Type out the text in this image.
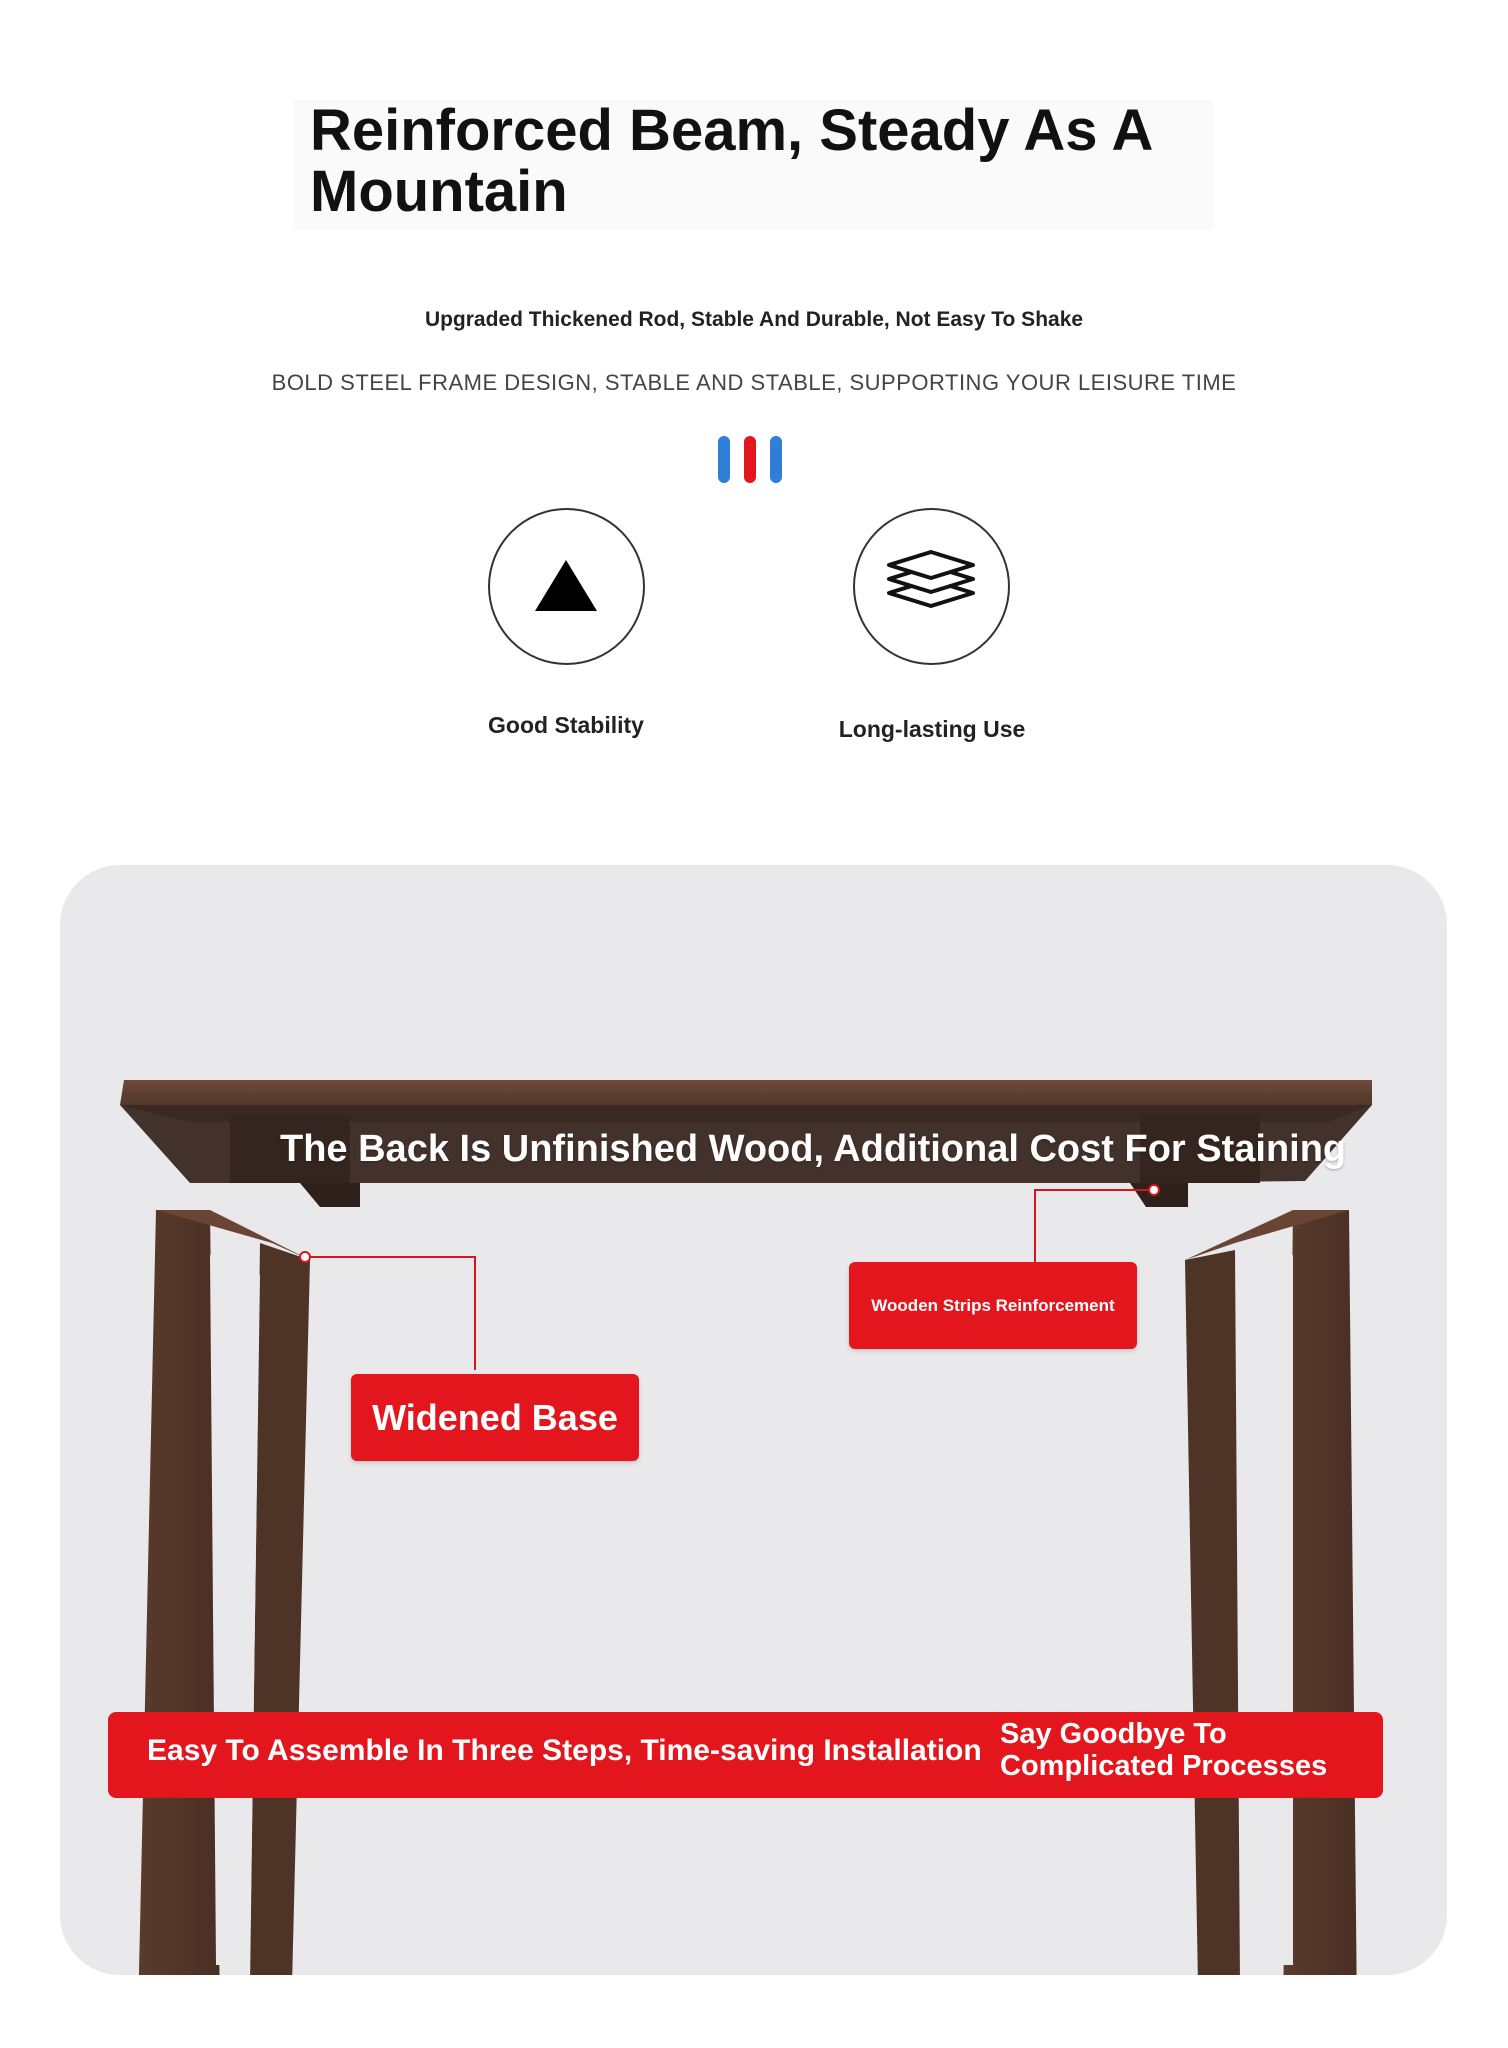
Reinforced Beam, Steady As A Mountain
Upgraded Thickened Rod, Stable And Durable, Not Easy To Shake
BOLD STEEL FRAME DESIGN, STABLE AND STABLE, SUPPORTING YOUR LEISURE TIME
Good Stability	Long-lasting Use
The Back Is Unfinished Wood, Additional Cost For Staining
Wooden Strips Reinforcement
Widened Base
Easy To Assemble In Three Steps, Time-saving Installation Say Goodbye To Complicated Processes
